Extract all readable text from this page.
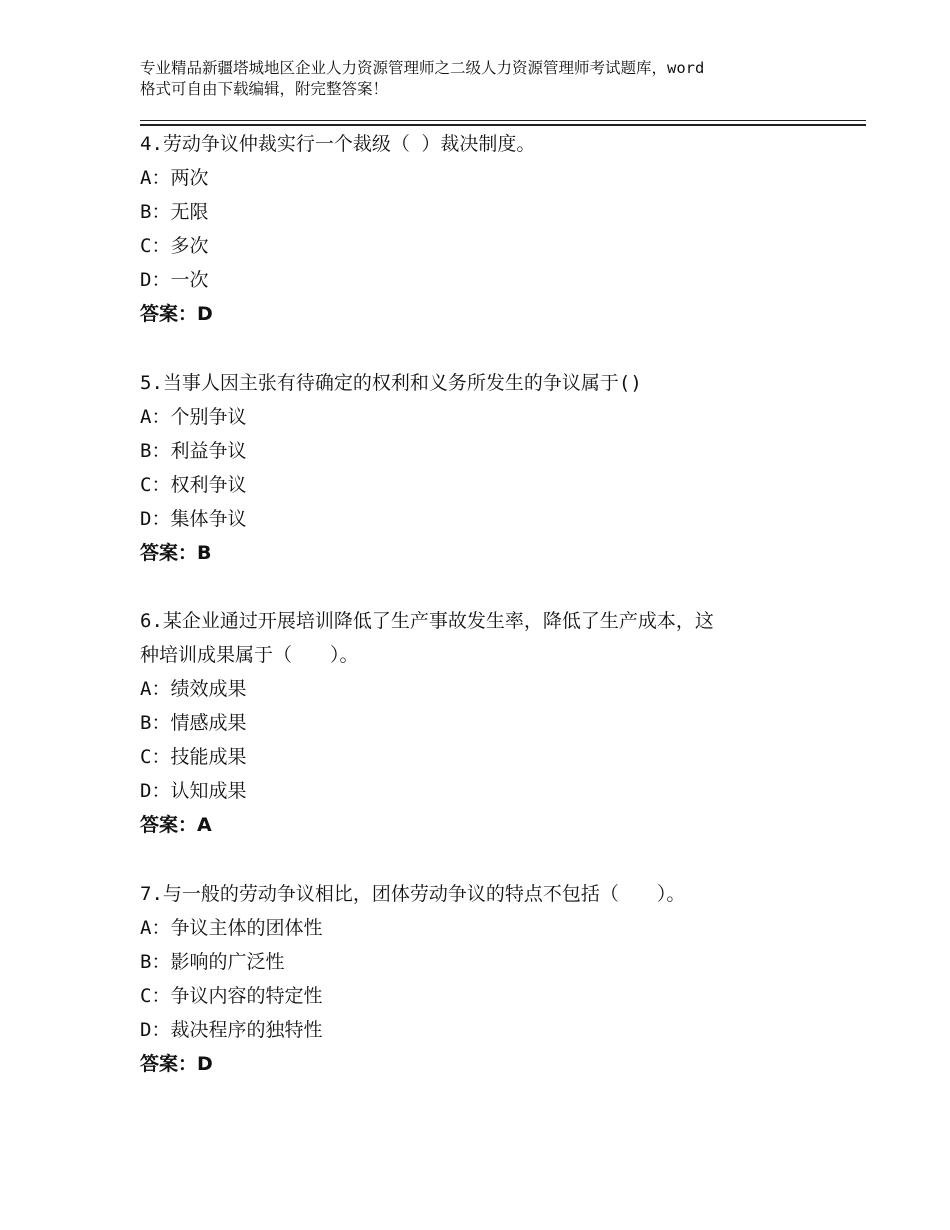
专业精品新疆塔城地区企业人力资源管理师之二级人力资源管理师考试题库，word
格式可自由下载编辑，附完整答案！

4.劳动争议仲裁实行一个裁级（ ）裁决制度。

A：两次

B：无限

C：多次

D：一次

答案：D

5.当事人因主张有待确定的权利和义务所发生的争议属于()

A：个别争议

B：利益争议

C：权利争议

D：集体争议

答案：B

6.某企业通过开展培训降低了生产事故发生率，降低了生产成本，这
种培训成果属于（　　）。

A：绩效成果

B：情感成果

C：技能成果

D：认知成果

答案：A

7.与一般的劳动争议相比，团体劳动争议的特点不包括（　　）。

A：争议主体的团体性

B：影响的广泛性

C：争议内容的特定性

D：裁决程序的独特性

答案：D
